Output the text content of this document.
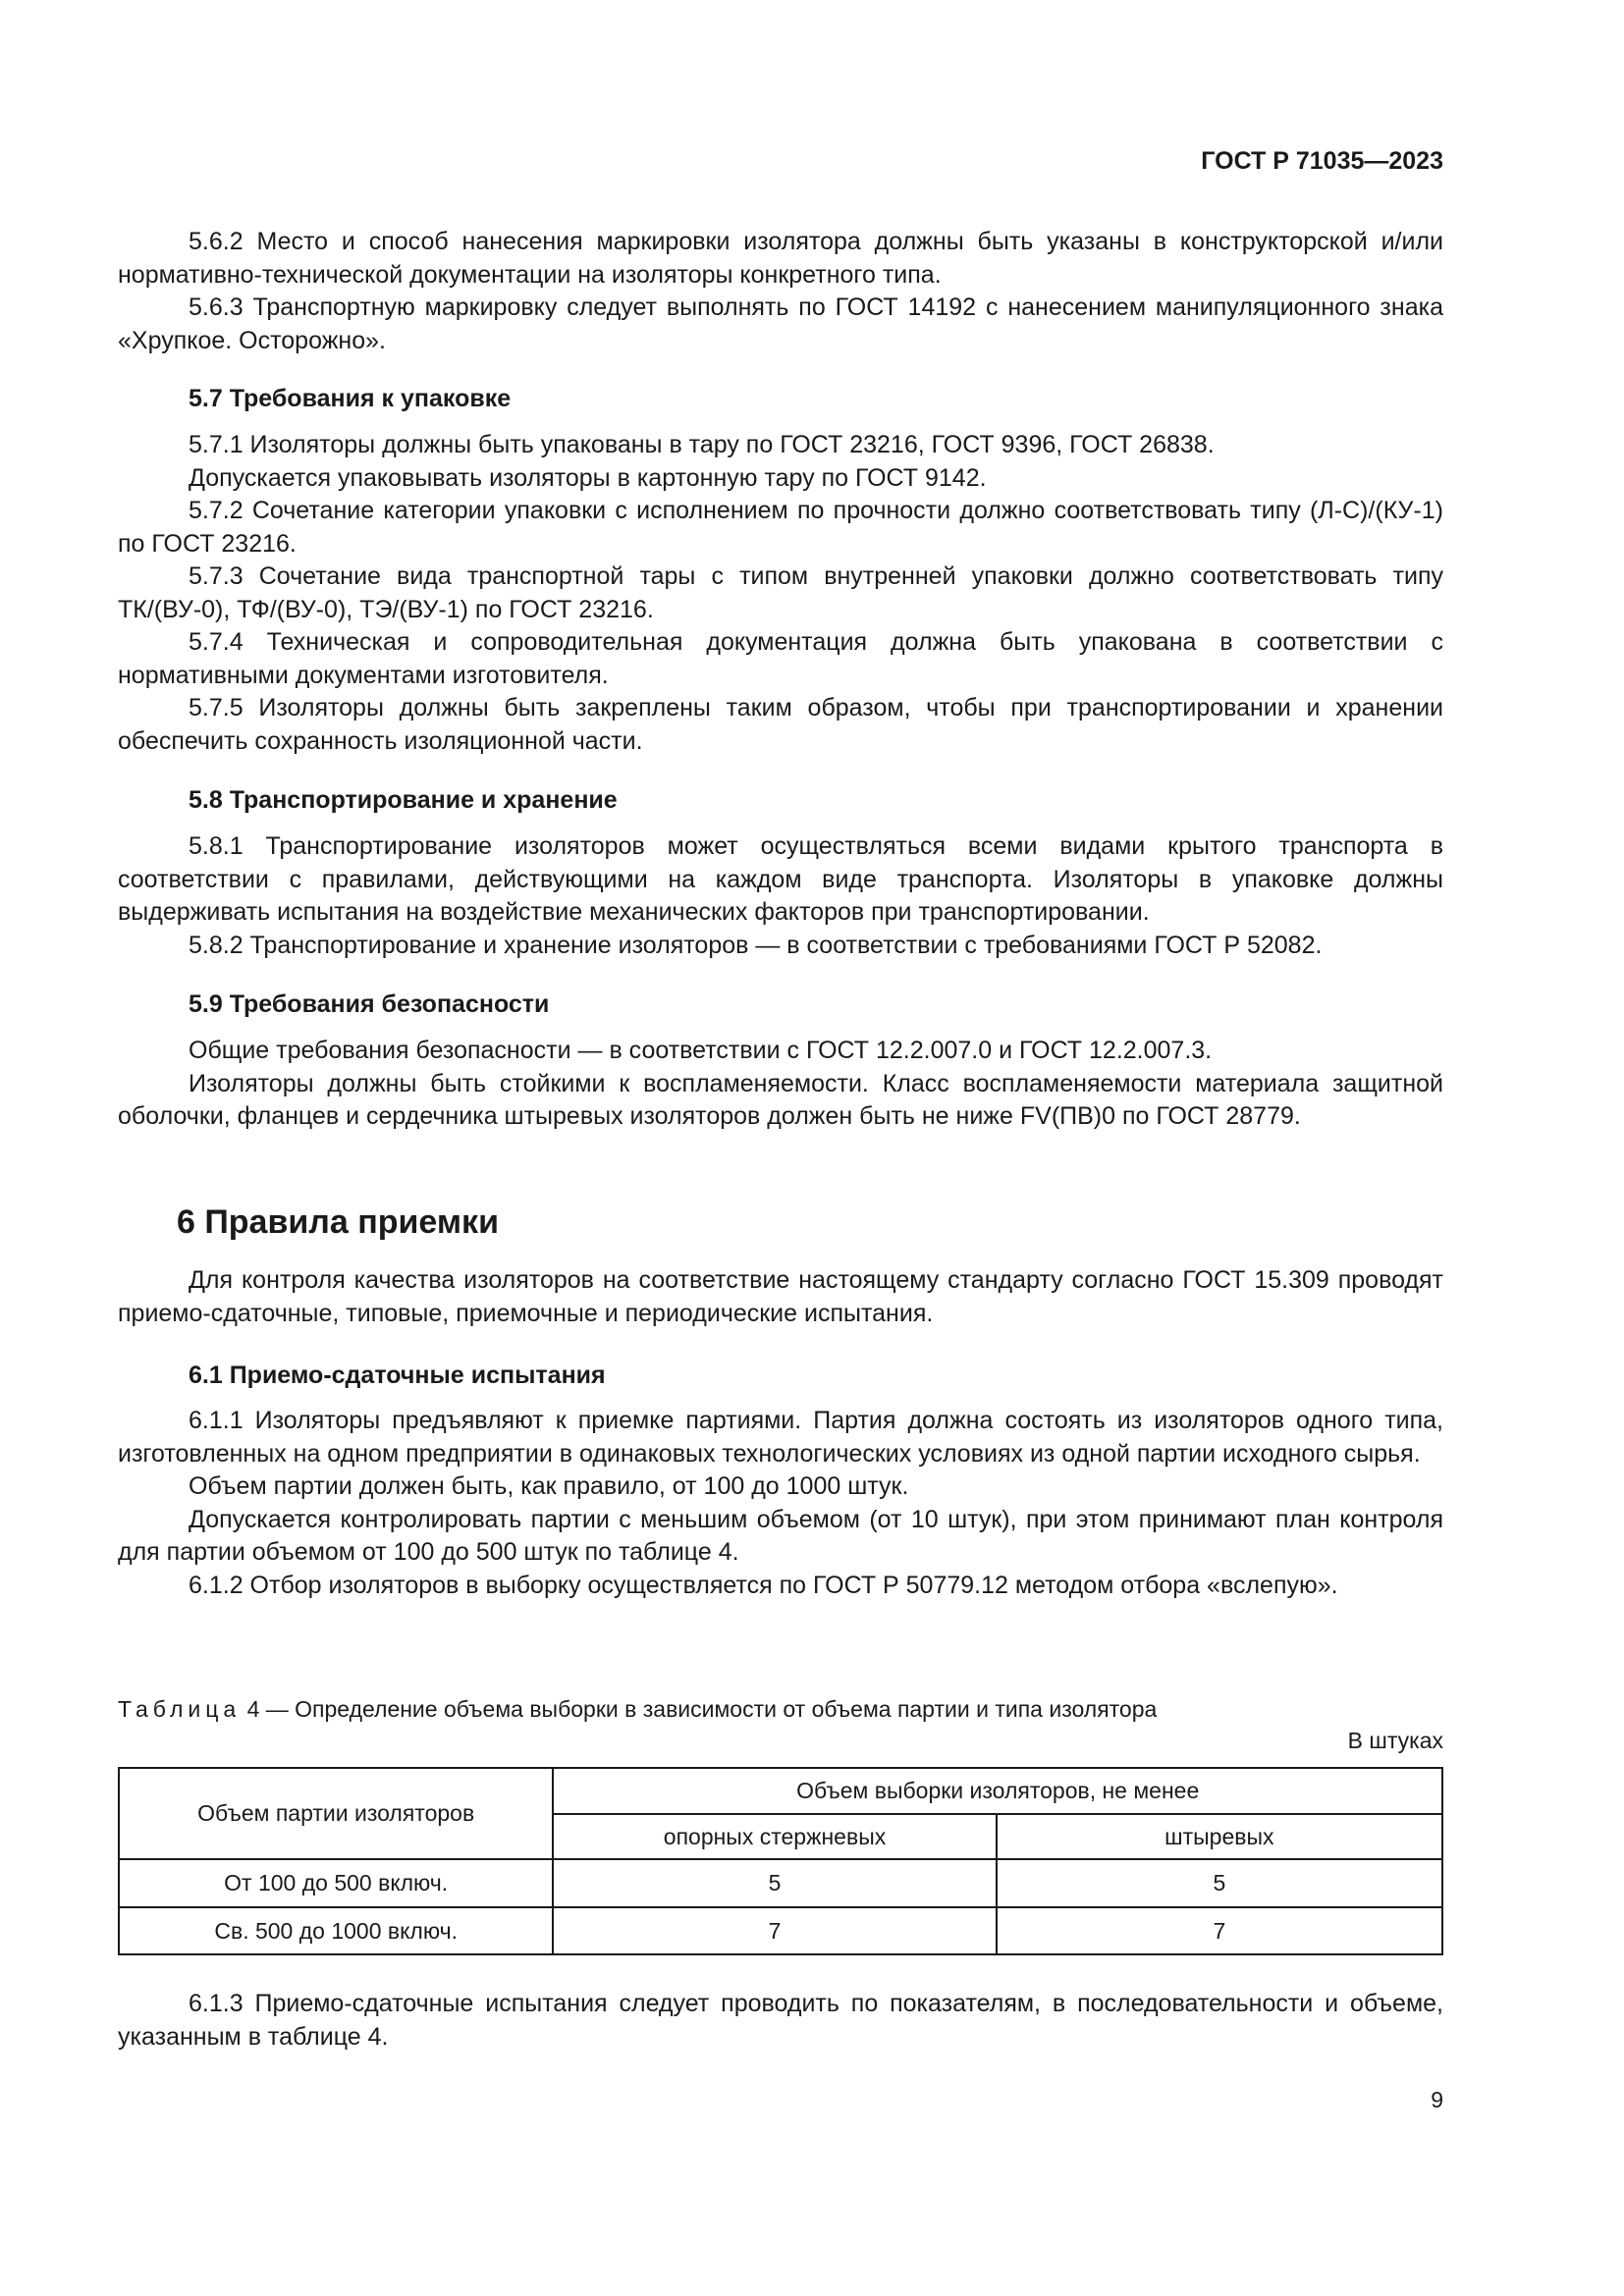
ГОСТ Р 71035—2023

5.6.2 Место и способ нанесения маркировки изолятора должны быть указаны в конструкторской и/или нормативно-технической документации на изоляторы конкретного типа.

5.6.3 Транспортную маркировку следует выполнять по ГОСТ 14192 с нанесением манипуляционного знака «Хрупкое. Осторожно».

5.7 Требования к упаковке

5.7.1 Изоляторы должны быть упакованы в тару по ГОСТ 23216, ГОСТ 9396, ГОСТ 26838.

Допускается упаковывать изоляторы в картонную тару по ГОСТ 9142.

5.7.2 Сочетание категории упаковки с исполнением по прочности должно соответствовать типу (Л-С)/(КУ-1) по ГОСТ 23216.

5.7.3 Сочетание вида транспортной тары с типом внутренней упаковки должно соответствовать типу ТК/(ВУ-0), ТФ/(ВУ-0), ТЭ/(ВУ-1) по ГОСТ 23216.

5.7.4 Техническая и сопроводительная документация должна быть упакована в соответствии с нормативными документами изготовителя.

5.7.5 Изоляторы должны быть закреплены таким образом, чтобы при транспортировании и хранении обеспечить сохранность изоляционной части.

5.8 Транспортирование и хранение

5.8.1 Транспортирование изоляторов может осуществляться всеми видами крытого транспорта в соответствии с правилами, действующими на каждом виде транспорта. Изоляторы в упаковке должны выдерживать испытания на воздействие механических факторов при транспортировании.

5.8.2 Транспортирование и хранение изоляторов — в соответствии с требованиями ГОСТ Р 52082.

5.9 Требования безопасности

Общие требования безопасности — в соответствии с ГОСТ 12.2.007.0 и ГОСТ 12.2.007.3.

Изоляторы должны быть стойкими к воспламеняемости. Класс воспламеняемости материала защитной оболочки, фланцев и сердечника штыревых изоляторов должен быть не ниже FV(ПВ)0 по ГОСТ 28779.

6 Правила приемки

Для контроля качества изоляторов на соответствие настоящему стандарту согласно ГОСТ 15.309 проводят приемо-сдаточные, типовые, приемочные и периодические испытания.

6.1 Приемо-сдаточные испытания

6.1.1 Изоляторы предъявляют к приемке партиями. Партия должна состоять из изоляторов одного типа, изготовленных на одном предприятии в одинаковых технологических условиях из одной партии исходного сырья.

Объем партии должен быть, как правило, от 100 до 1000 штук.

Допускается контролировать партии с меньшим объемом (от 10 штук), при этом принимают план контроля для партии объемом от 100 до 500 штук по таблице 4.

6.1.2 Отбор изоляторов в выборку осуществляется по ГОСТ Р 50779.12 методом отбора «вслепую».

Таблица 4 — Определение объема выборки в зависимости от объема партии и типа изолятора
В штуках
Объем партии изоляторов	Объем выборки изоляторов, не менее	
	опорных стержневых	штыревых
От 100 до 500 включ.	5	5
Св. 500 до 1000 включ.	7	7

6.1.3 Приемо-сдаточные испытания следует проводить по показателям, в последовательности и объеме, указанным в таблице 4.

9
